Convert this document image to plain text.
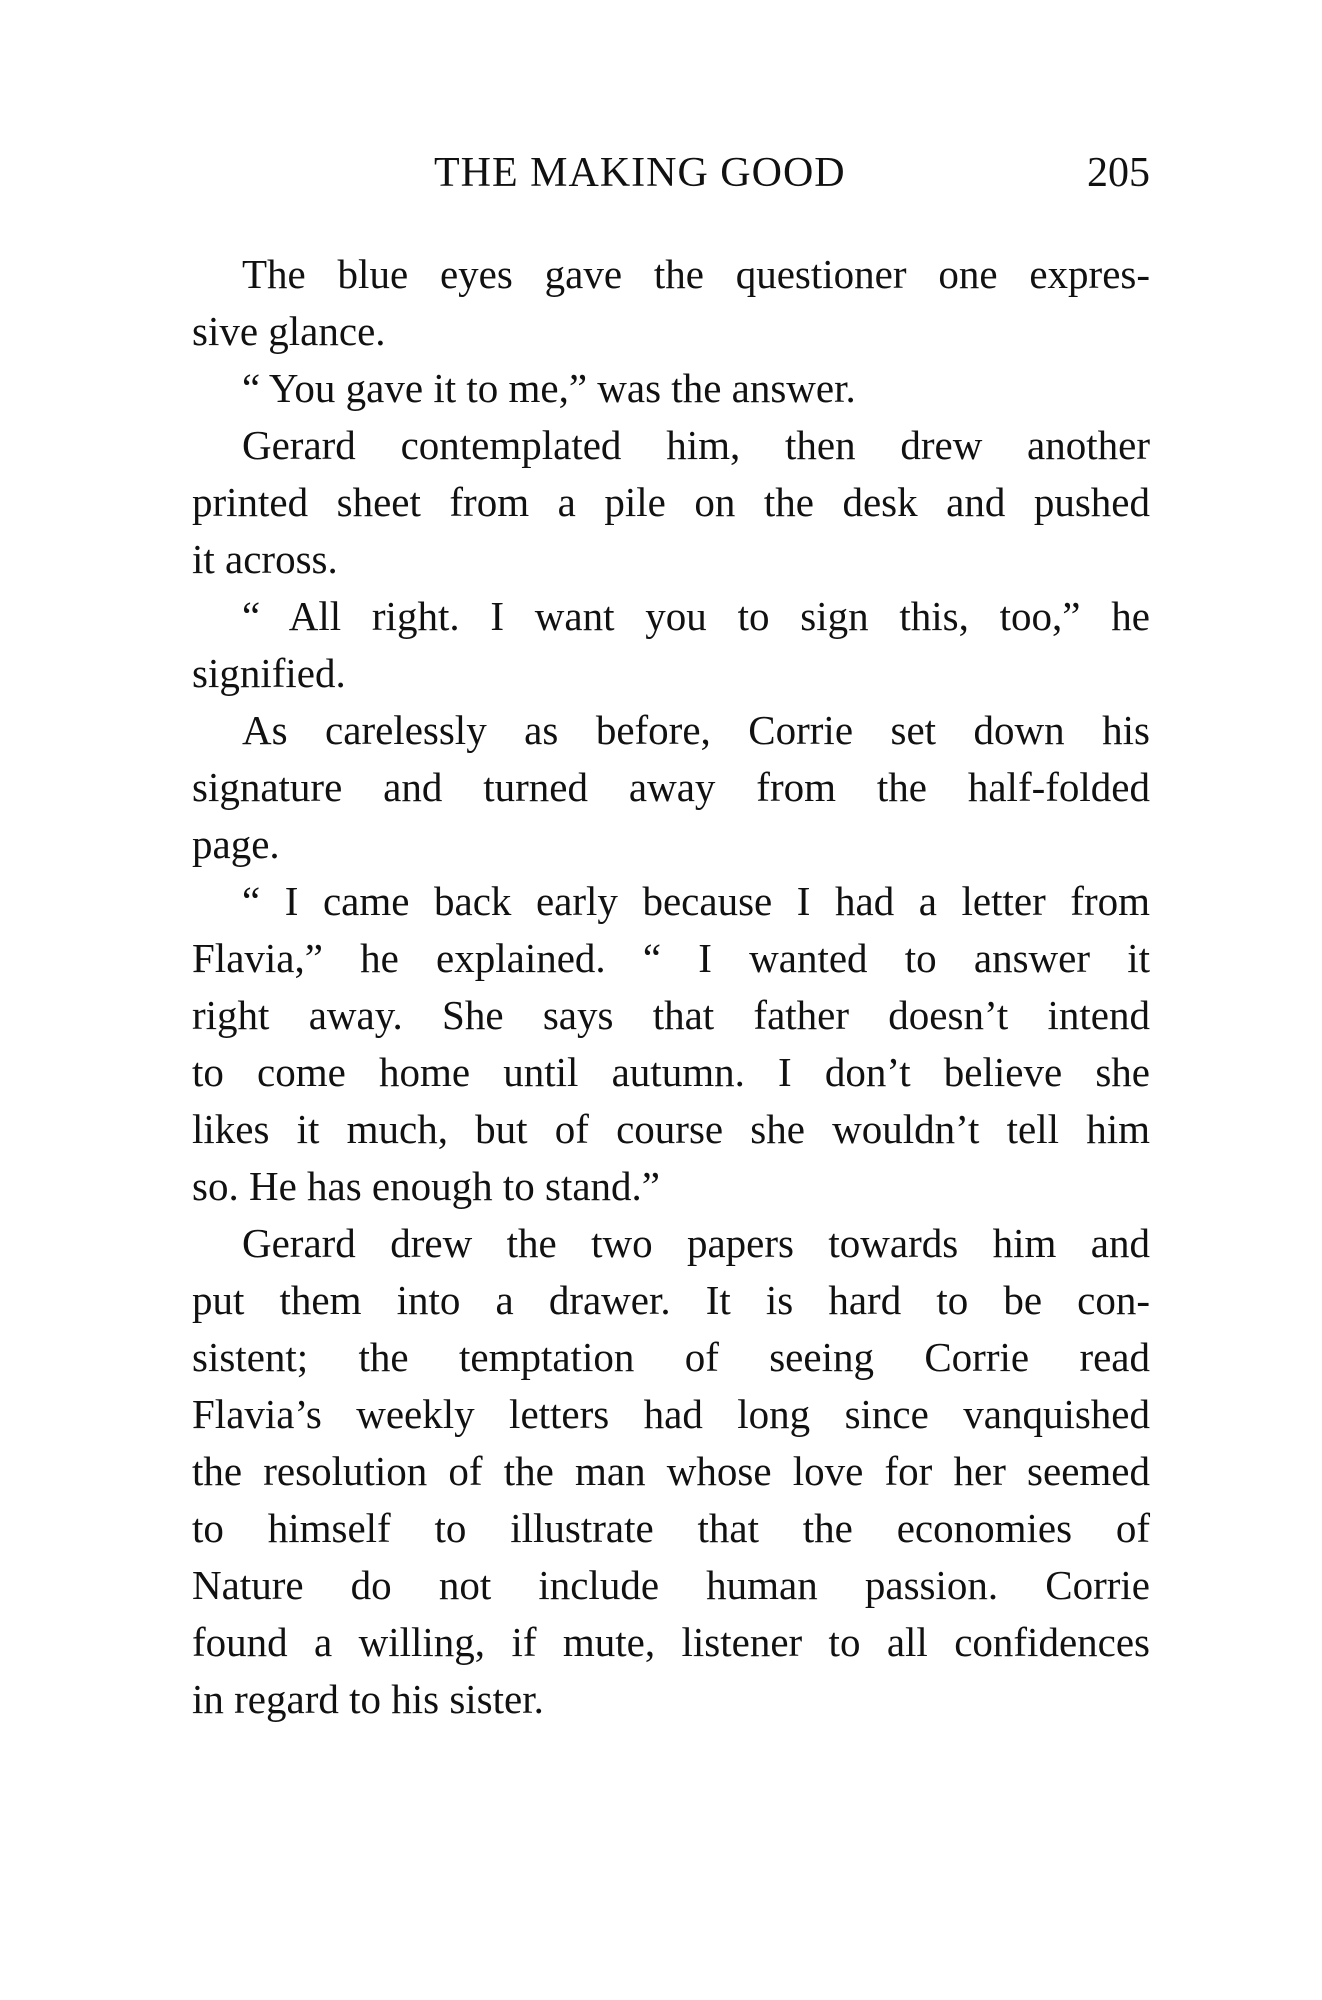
THE MAKING GOOD	205
The blue eyes gave the questioner one expres-
sive glance.
“ You gave it to me,” was the answer.
Gerard contemplated him, then drew another
printed sheet from a pile on the desk and pushed
it across.
“ All right. I want you to sign this, too,” he
signified.
As carelessly as before, Corrie set down his
signature and turned away from the half-folded
page.
“ I came back early because I had a letter from
Flavia,” he explained. “ I wanted to answer it
right away. She says that father doesn’t intend
to come home until autumn. I don’t believe she
likes it much, but of course she wouldn’t tell him
so. He has enough to stand.”
Gerard drew the two papers towards him and
put them into a drawer. It is hard to be con-
sistent; the temptation of seeing Corrie read
Flavia’s weekly letters had long since vanquished
the resolution of the man whose love for her seemed
to himself to illustrate that the economies of
Nature do not include human passion. Corrie
found a willing, if mute, listener to all confidences
in regard to his sister.
